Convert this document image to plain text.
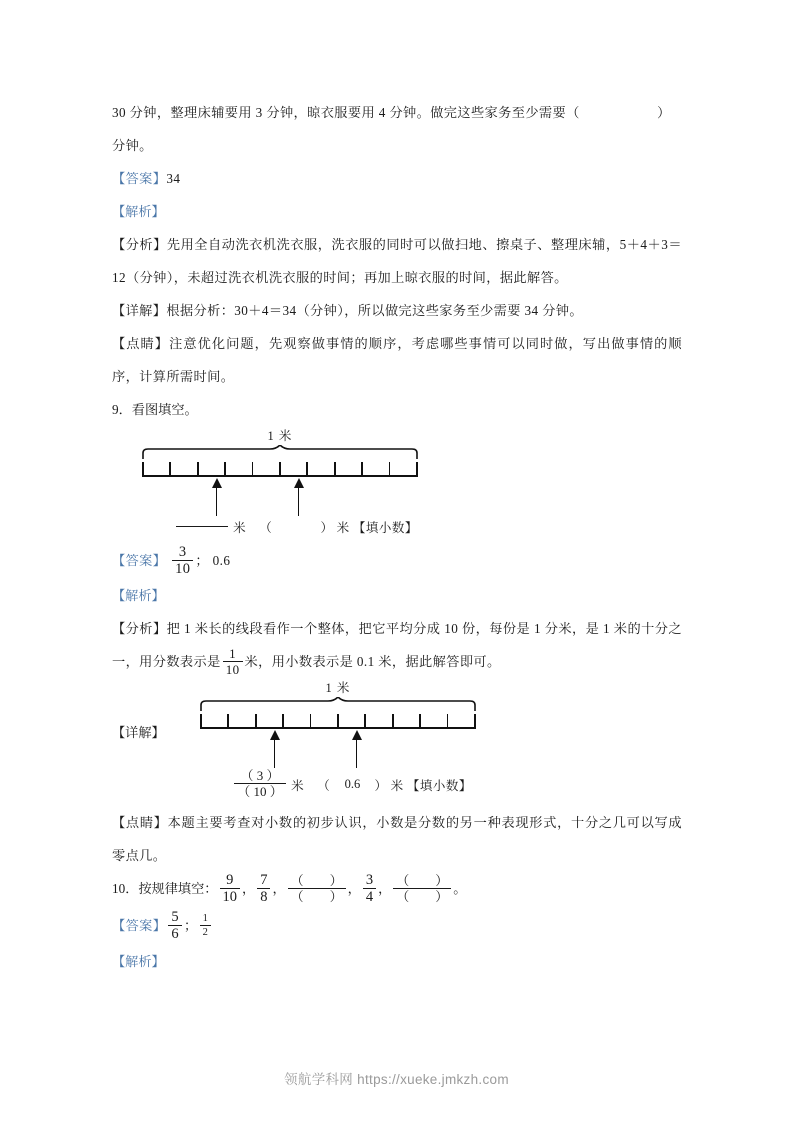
30 分钟，整理床辅要用 3 分钟，晾衣服要用 4 分钟。做完这些家务至少需要（	）

分钟。

【答案】34

【解析】

【分析】先用全自动洗衣机洗衣服，洗衣服的同时可以做扫地、擦桌子、整理床辅，5＋4＋3＝12（分钟），未超过洗衣机洗衣服的时间；再加上晾衣服的时间，据此解答。

【详解】根据分析：30＋4＝34（分钟），所以做完这些家务至少需要 34 分钟。

【点睛】注意优化问题，先观察做事情的顺序，考虑哪些事情可以同时做，写出做事情的顺序，计算所需时间。

9．看图填空。

1 米
米 （	） 米 【填小数】

【答案】 $\frac{3}{10}$ ； 0.6

【解析】

【分析】把 1 米长的线段看作一个整体，把它平均分成 10 份，每份是 1 分米，是 1 米的十分之一，用分数表示是 $\frac{1}{10}$ 米，用小数表示是 0.1 米，据此解答即可。

【详解】
1 米
$\frac{( 3 )}{( 10 )}$ 米 （ 0.6 ） 米 【填小数】

【点睛】本题主要考查对小数的初步认识，小数是分数的另一种表现形式，十分之几可以写成零点几。

10．按规律填空： $\frac{9}{10}$ ， $\frac{7}{8}$ ， $\frac{( )}{( )}$ ， $\frac{3}{4}$ ， $\frac{( )}{( )}$ 。

【答案】 $\frac{5}{6}$ ； $\frac{1}{2}$

【解析】

领航学科网 https://xueke.jmkzh.com
